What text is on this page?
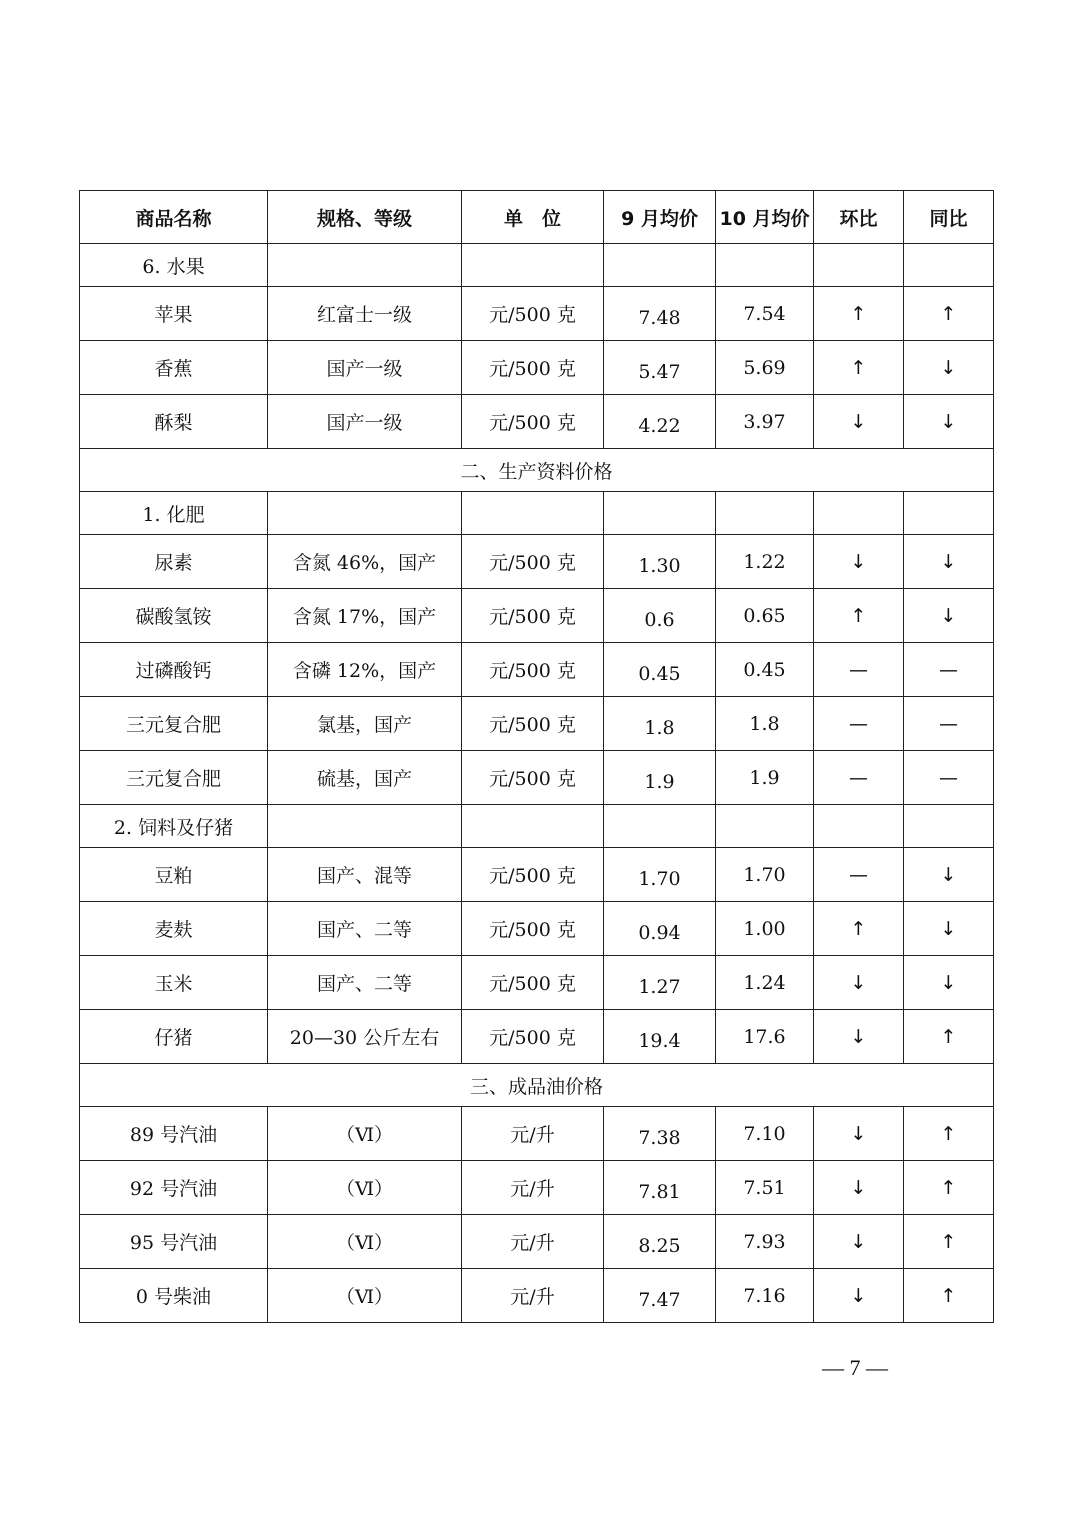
商品名称	规格、等级	单　位	9 月均价	10 月均价	环比	同比
6. 水果						
苹果	红富士一级	元/500 克	7.48	7.54	↑	↑
香蕉	国产一级	元/500 克	5.47	5.69	↑	↓
酥梨	国产一级	元/500 克	4.22	3.97	↓	↓
二、生产资料价格						
1. 化肥						
尿素	含氮 46%，国产	元/500 克	1.30	1.22	↓	↓
碳酸氢铵	含氮 17%，国产	元/500 克	0.6	0.65	↑	↓
过磷酸钙	含磷 12%，国产	元/500 克	0.45	0.45	—	—
三元复合肥	氯基，国产	元/500 克	1.8	1.8	—	—
三元复合肥	硫基，国产	元/500 克	1.9	1.9	—	—
2. 饲料及仔猪						
豆粕	国产、混等	元/500 克	1.70	1.70	—	↓
麦麸	国产、二等	元/500 克	0.94	1.00	↑	↓
玉米	国产、二等	元/500 克	1.27	1.24	↓	↓
仔猪	20—30 公斤左右	元/500 克	19.4	17.6	↓	↑
三、成品油价格						
89 号汽油	（Ⅵ）	元/升	7.38	7.10	↓	↑
92 号汽油	（Ⅵ）	元/升	7.81	7.51	↓	↑
95 号汽油	（Ⅵ）	元/升	8.25	7.93	↓	↑
0 号柴油	（Ⅵ）	元/升	7.47	7.16	↓	↑
— 7 —
